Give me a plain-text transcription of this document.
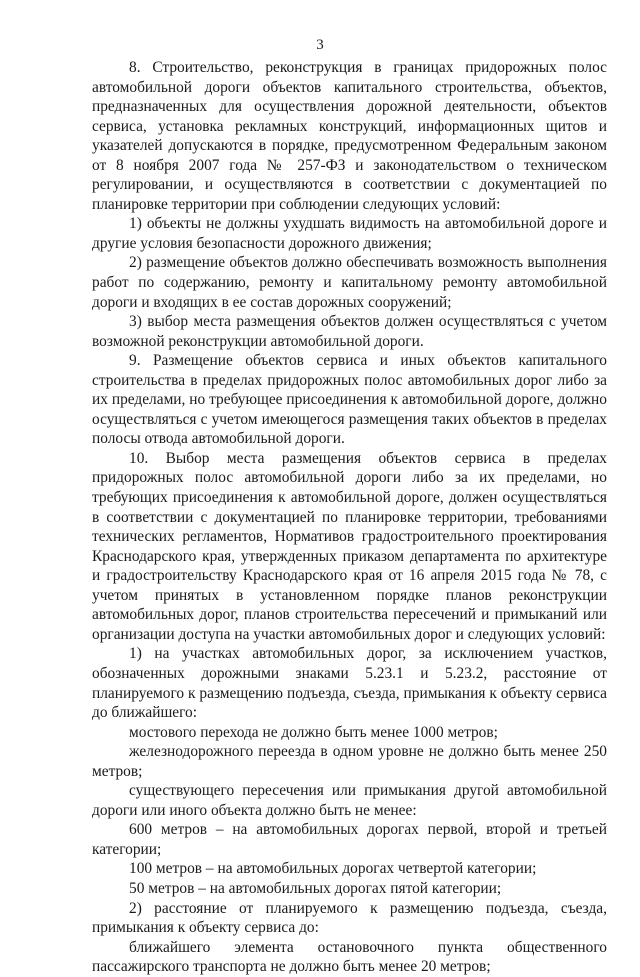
3

8. Строительство, реконструкция в границах придорожных полос автомобильной дороги объектов капитального строительства, объектов, предназначенных для осуществления дорожной деятельности, объектов сервиса, установка рекламных конструкций, информационных щитов и указателей допускаются в порядке, предусмотренном Федеральным законом от 8 ноября 2007 года № 257-ФЗ и законодательством о техническом регулировании, и осуществляются в соответствии с документацией по планировке территории при соблюдении следующих условий:

1) объекты не должны ухудшать видимость на автомобильной дороге и другие условия безопасности дорожного движения;

2) размещение объектов должно обеспечивать возможность выполнения работ по содержанию, ремонту и капитальному ремонту автомобильной дороги и входящих в ее состав дорожных сооружений;

3) выбор места размещения объектов должен осуществляться с учетом возможной реконструкции автомобильной дороги.

9. Размещение объектов сервиса и иных объектов капитального строительства в пределах придорожных полос автомобильных дорог либо за их пределами, но требующее присоединения к автомобильной дороге, должно осуществляться с учетом имеющегося размещения таких объектов в пределах полосы отвода автомобильной дороги.

10. Выбор места размещения объектов сервиса в пределах придорожных полос автомобильной дороги либо за их пределами, но требующих присоединения к автомобильной дороге, должен осуществляться в соответствии с документацией по планировке территории, требованиями технических регламентов, Нормативов градостроительного проектирования Краснодарского края, утвержденных приказом департамента по архитектуре и градостроительству Краснодарского края от 16 апреля 2015 года № 78, с учетом принятых в установленном порядке планов реконструкции автомобильных дорог, планов строительства пересечений и примыканий или организации доступа на участки автомобильных дорог и следующих условий:

1) на участках автомобильных дорог, за исключением участков, обозначенных дорожными знаками 5.23.1 и 5.23.2, расстояние от планируемого к размещению подъезда, съезда, примыкания к объекту сервиса до ближайшего:

мостового перехода не должно быть менее 1000 метров;

железнодорожного переезда в одном уровне не должно быть менее 250 метров;

существующего пересечения или примыкания другой автомобильной дороги или иного объекта должно быть не менее:

600 метров – на автомобильных дорогах первой, второй и третьей категории;

100 метров – на автомобильных дорогах четвертой категории;

50 метров – на автомобильных дорогах пятой категории;

2) расстояние от планируемого к размещению подъезда, съезда, примыкания к объекту сервиса до:

ближайшего элемента остановочного пункта общественного пассажирского транспорта не должно быть менее 20 метров;
